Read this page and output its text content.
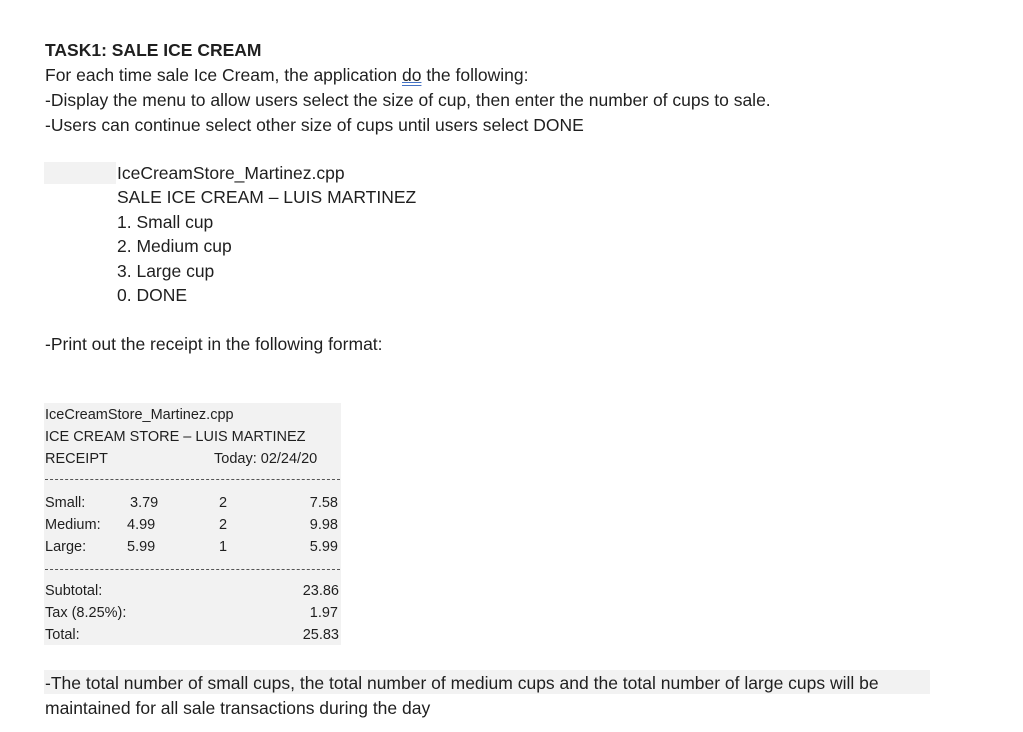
TASK1: SALE ICE CREAM
For each time sale Ice Cream, the application do the following:
-Display the menu to allow users select the size of cup, then enter the number of cups to sale.
-Users can continue select other size of cups until users select DONE
IceCreamStore_Martinez.cpp
SALE ICE CREAM – LUIS MARTINEZ
1. Small cup
2. Medium cup
3. Large cup
0. DONE
-Print out the receipt in the following format:
IceCreamStore_Martinez.cpp
ICE CREAM STORE – LUIS MARTINEZ
RECEIPT	Today: 02/24/20
Small:	3.79	2	7.58
Medium: 4.99	2	9.98
Large:	5.99	1	5.99
Subtotal:	23.86
Tax (8.25%):	1.97
Total:	25.83
-The total number of small cups, the total number of medium cups and the total number of large cups will be
maintained for all sale transactions during the day
